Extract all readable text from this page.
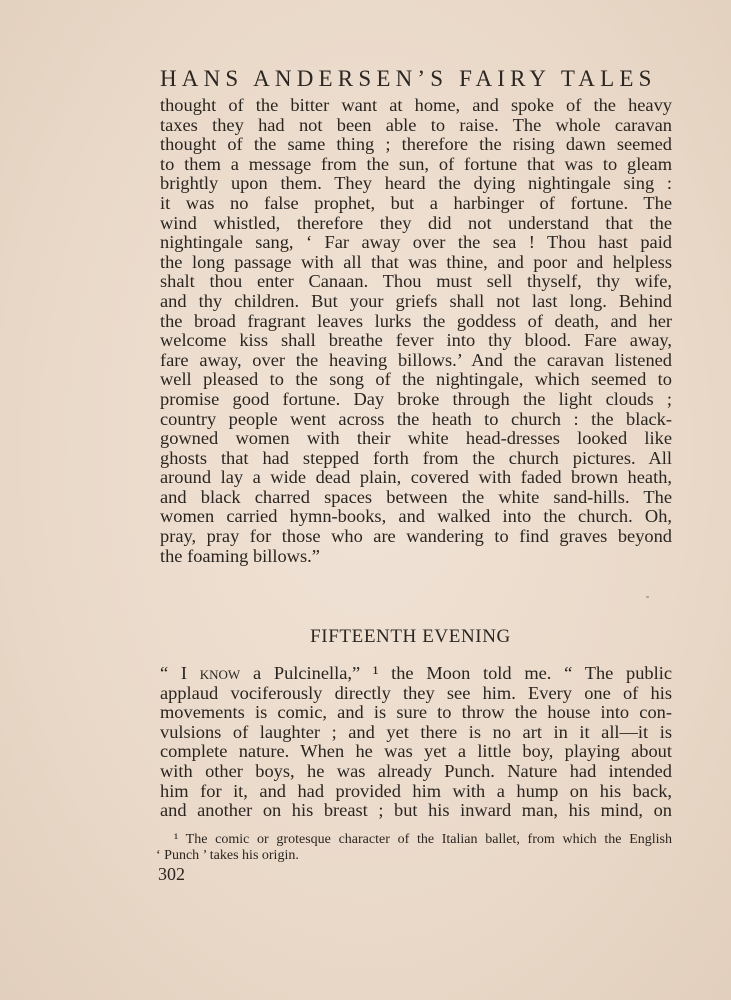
HANS ANDERSEN’S FAIRY TALES
thought of the bitter want at home, and spoke of the heavy
taxes they had not been able to raise. The whole caravan
thought of the same thing ; therefore the rising dawn seemed
to them a message from the sun, of fortune that was to gleam
brightly upon them. They heard the dying nightingale sing :
it was no false prophet, but a harbinger of fortune. The
wind whistled, therefore they did not understand that the
nightingale sang, ‘ Far away over the sea ! Thou hast paid
the long passage with all that was thine, and poor and helpless
shalt thou enter Canaan. Thou must sell thyself, thy wife,
and thy children. But your griefs shall not last long. Behind
the broad fragrant leaves lurks the goddess of death, and her
welcome kiss shall breathe fever into thy blood. Fare away,
fare away, over the heaving billows.’ And the caravan listened
well pleased to the song of the nightingale, which seemed to
promise good fortune. Day broke through the light clouds ;
country people went across the heath to church : the black-
gowned women with their white head-dresses looked like
ghosts that had stepped forth from the church pictures. All
around lay a wide dead plain, covered with faded brown heath,
and black charred spaces between the white sand-hills. The
women carried hymn-books, and walked into the church. Oh,
pray, pray for those who are wandering to find graves beyond
the foaming billows.”
FIFTEENTH EVENING
“ I know a Pulcinella,” ¹ the Moon told me. “ The public
applaud vociferously directly they see him. Every one of his
movements is comic, and is sure to throw the house into con-
vulsions of laughter ; and yet there is no art in it all—it is
complete nature. When he was yet a little boy, playing about
with other boys, he was already Punch. Nature had intended
him for it, and had provided him with a hump on his back,
and another on his breast ; but his inward man, his mind, on
¹ The comic or grotesque character of the Italian ballet, from which the English
‘ Punch ’ takes his origin.
302
